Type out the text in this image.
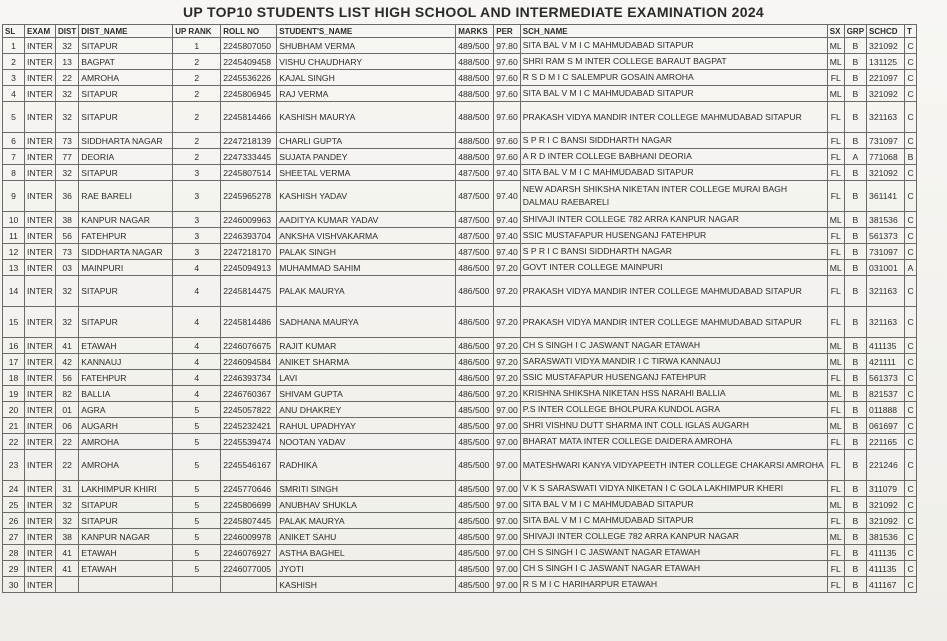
UP TOP10 STUDENTS LIST HIGH SCHOOL AND INTERMEDIATE EXAMINATION 2024
SL	EXAM	DIST	DIST_NAME	UP RANK	ROLL NO	STUDENT'S_NAME	MARKS	PER	SCH_NAME	SX	GRP	SCHCD	T
1	INTER	32	SITAPUR	1	2245807050	SHUBHAM VERMA	489/500	97.80	SITA BAL V M I C MAHMUDABAD SITAPUR	ML	B	321092	C
2	INTER	13	BAGPAT	2	2245409458	VISHU CHAUDHARY	488/500	97.60	SHRI RAM S M INTER COLLEGE BARAUT BAGPAT	ML	B	131125	C
3	INTER	22	AMROHA	2	2245536226	KAJAL SINGH	488/500	97.60	R S D M I C SALEMPUR GOSAIN AMROHA	FL	B	221097	C
4	INTER	32	SITAPUR	2	2245806945	RAJ VERMA	488/500	97.60	SITA BAL V M I C MAHMUDABAD SITAPUR	ML	B	321092	C
5	INTER	32	SITAPUR	2	2245814466	KASHISH MAURYA	488/500	97.60	PRAKASH VIDYA MANDIR INTER COLLEGE MAHMUDABAD SITAPUR	FL	B	321163	C
6	INTER	73	SIDDHARTA NAGAR	2	2247218139	CHARLI GUPTA	488/500	97.60	S P R I C BANSI SIDDHARTH NAGAR	FL	B	731097	C
7	INTER	77	DEORIA	2	2247333445	SUJATA PANDEY	488/500	97.60	A R D INTER COLLEGE BABHANI DEORIA	FL	A	771068	B
8	INTER	32	SITAPUR	3	2245807514	SHEETAL VERMA	487/500	97.40	SITA BAL V M I C MAHMUDABAD SITAPUR	FL	B	321092	C
9	INTER	36	RAE BARELI	3	2245965278	KASHISH YADAV	487/500	97.40	NEW ADARSH SHIKSHA NIKETAN INTER COLLEGE MURAI BAGH DALMAU RAEBARELI	FL	B	361141	C
10	INTER	38	KANPUR NAGAR	3	2246009963	AADITYA KUMAR YADAV	487/500	97.40	SHIVAJI INTER COLLEGE 782 ARRA KANPUR NAGAR	ML	B	381536	C
11	INTER	56	FATEHPUR	3	2246393704	ANKSHA VISHVAKARMA	487/500	97.40	SSIC MUSTAFAPUR HUSENGANJ FATEHPUR	FL	B	561373	C
12	INTER	73	SIDDHARTA NAGAR	3	2247218170	PALAK SINGH	487/500	97.40	S P R I C BANSI SIDDHARTH NAGAR	FL	B	731097	C
13	INTER	03	MAINPURI	4	2245094913	MUHAMMAD SAHIM	486/500	97.20	GOVT INTER COLLEGE MAINPURI	ML	B	031001	A
14	INTER	32	SITAPUR	4	2245814475	PALAK MAURYA	486/500	97.20	PRAKASH VIDYA MANDIR INTER COLLEGE MAHMUDABAD SITAPUR	FL	B	321163	C
15	INTER	32	SITAPUR	4	2245814486	SADHANA MAURYA	486/500	97.20	PRAKASH VIDYA MANDIR INTER COLLEGE MAHMUDABAD SITAPUR	FL	B	321163	C
16	INTER	41	ETAWAH	4	2246076675	RAJIT KUMAR	486/500	97.20	CH S SINGH I C JASWANT NAGAR ETAWAH	ML	B	411135	C
17	INTER	42	KANNAUJ	4	2246094584	ANIKET SHARMA	486/500	97.20	SARASWATI VIDYA MANDIR I C TIRWA KANNAUJ	ML	B	421111	C
18	INTER	56	FATEHPUR	4	2246393734	LAVI	486/500	97.20	SSIC MUSTAFAPUR HUSENGANJ FATEHPUR	FL	B	561373	C
19	INTER	82	BALLIA	4	2246760367	SHIVAM GUPTA	486/500	97.20	KRISHNA SHIKSHA NIKETAN HSS NARAHI BALLIA	ML	B	821537	C
20	INTER	01	AGRA	5	2245057822	ANU DHAKREY	485/500	97.00	P.S INTER COLLEGE BHOLPURA KUNDOL AGRA	FL	B	011888	C
21	INTER	06	AUGARH	5	2245232421	RAHUL UPADHYAY	485/500	97.00	SHRI VISHNU DUTT SHARMA INT COLL IGLAS AUGARH	ML	B	061697	C
22	INTER	22	AMROHA	5	2245539474	NOOTAN YADAV	485/500	97.00	BHARAT MATA INTER COLLEGE DAIDERA AMROHA	FL	B	221165	C
23	INTER	22	AMROHA	5	2245546167	RADHIKA	485/500	97.00	MATESHWARI KANYA VIDYAPEETH INTER COLLEGE CHAKARSI AMROHA	FL	B	221246	C
24	INTER	31	LAKHIMPUR KHIRI	5	2245770646	SMRITI SINGH	485/500	97.00	V K S SARASWATI VIDYA NIKETAN I C GOLA LAKHIMPUR KHERI	FL	B	311079	C
25	INTER	32	SITAPUR	5	2245806699	ANUBHAV SHUKLA	485/500	97.00	SITA BAL V M I C MAHMUDABAD SITAPUR	ML	B	321092	C
26	INTER	32	SITAPUR	5	2245807445	PALAK MAURYA	485/500	97.00	SITA BAL V M I C MAHMUDABAD SITAPUR	FL	B	321092	C
27	INTER	38	KANPUR NAGAR	5	2246009978	ANIKET SAHU	485/500	97.00	SHIVAJI INTER COLLEGE 782 ARRA KANPUR NAGAR	ML	B	381536	C
28	INTER	41	ETAWAH	5	2246076927	ASTHA BAGHEL	485/500	97.00	CH S SINGH I C JASWANT NAGAR ETAWAH	FL	B	411135	C
29	INTER	41	ETAWAH	5	2246077005	JYOTI	485/500	97.00	CH S SINGH I C JASWANT NAGAR ETAWAH	FL	B	411135	C
30	INTER					KASHISH	485/500	97.00	R S M I C HARIHARPUR ETAWAH	FL	B	411167	C
